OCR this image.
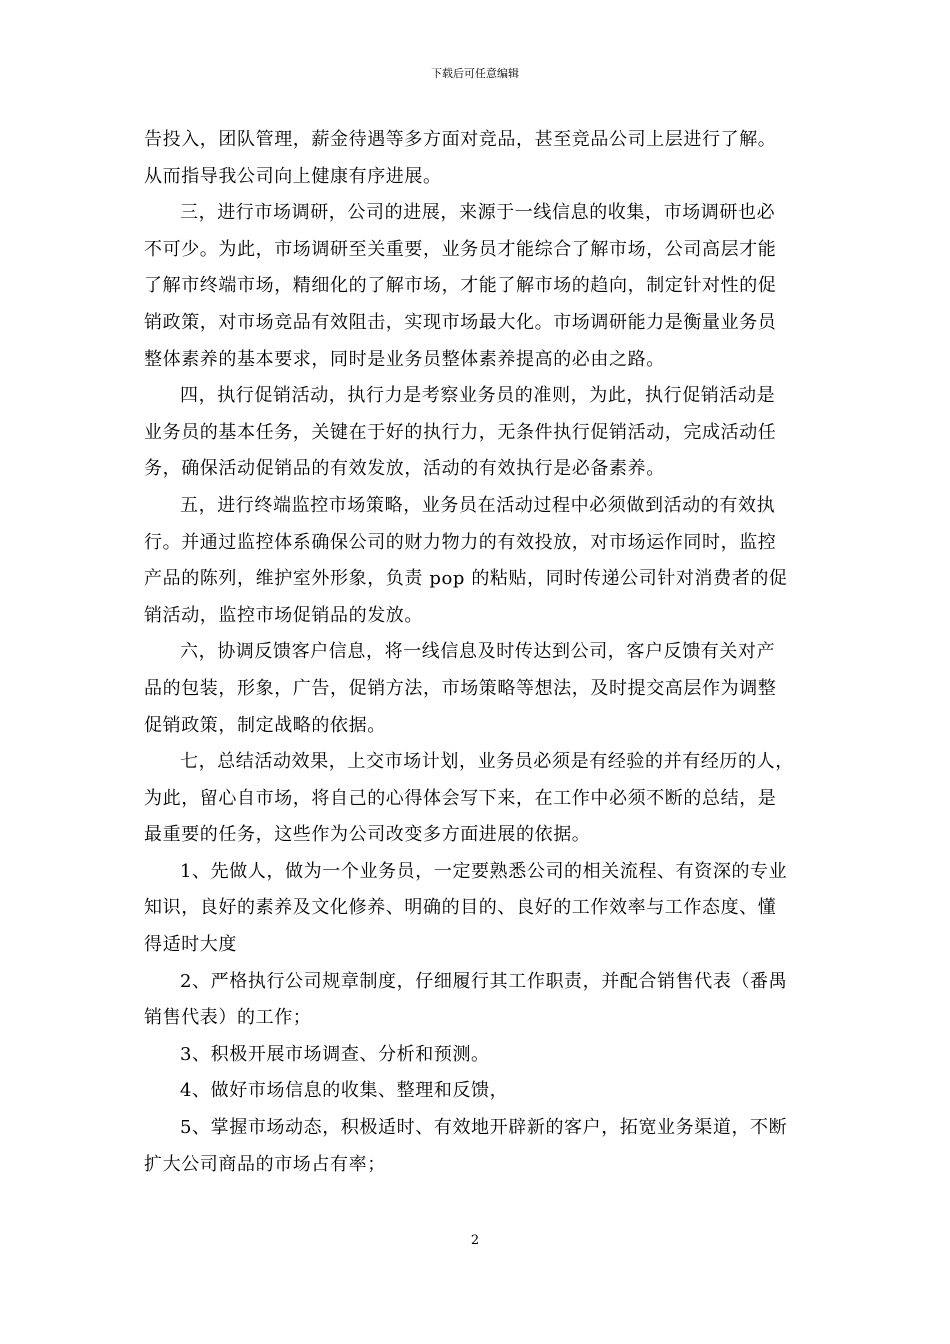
下载后可任意编辑

告投入，团队管理，薪金待遇等多方面对竞品，甚至竞品公司上层进行了解。
从而指导我公司向上健康有序进展。

三，进行市场调研，公司的进展，来源于一线信息的收集，市场调研也必
不可少。为此，市场调研至关重要，业务员才能综合了解市场，公司高层才能
了解市终端市场，精细化的了解市场，才能了解市场的趋向，制定针对性的促
销政策，对市场竞品有效阻击，实现市场最大化。市场调研能力是衡量业务员
整体素养的基本要求，同时是业务员整体素养提高的必由之路。

四，执行促销活动，执行力是考察业务员的准则，为此，执行促销活动是
业务员的基本任务，关键在于好的执行力，无条件执行促销活动，完成活动任
务，确保活动促销品的有效发放，活动的有效执行是必备素养。

五，进行终端监控市场策略，业务员在活动过程中必须做到活动的有效执
行。并通过监控体系确保公司的财力物力的有效投放，对市场运作同时，监控
产品的陈列，维护室外形象，负责 pop 的粘贴，同时传递公司针对消费者的促
销活动，监控市场促销品的发放。

六，协调反馈客户信息，将一线信息及时传达到公司，客户反馈有关对产
品的包装，形象，广告，促销方法，市场策略等想法，及时提交高层作为调整
促销政策，制定战略的依据。

七，总结活动效果，上交市场计划，业务员必须是有经验的并有经历的人，
为此，留心自市场，将自己的心得体会写下来，在工作中必须不断的总结，是
最重要的任务，这些作为公司改变多方面进展的依据。

1、先做人，做为一个业务员，一定要熟悉公司的相关流程、有资深的专业
知识，良好的素养及文化修养、明确的目的、良好的工作效率与工作态度、懂
得适时大度

2、严格执行公司规章制度，仔细履行其工作职责，并配合销售代表（番禺
销售代表）的工作；

3、积极开展市场调查、分析和预测。

4、做好市场信息的收集、整理和反馈，

5、掌握市场动态，积极适时、有效地开辟新的客户，拓宽业务渠道，不断
扩大公司商品的市场占有率；

2
